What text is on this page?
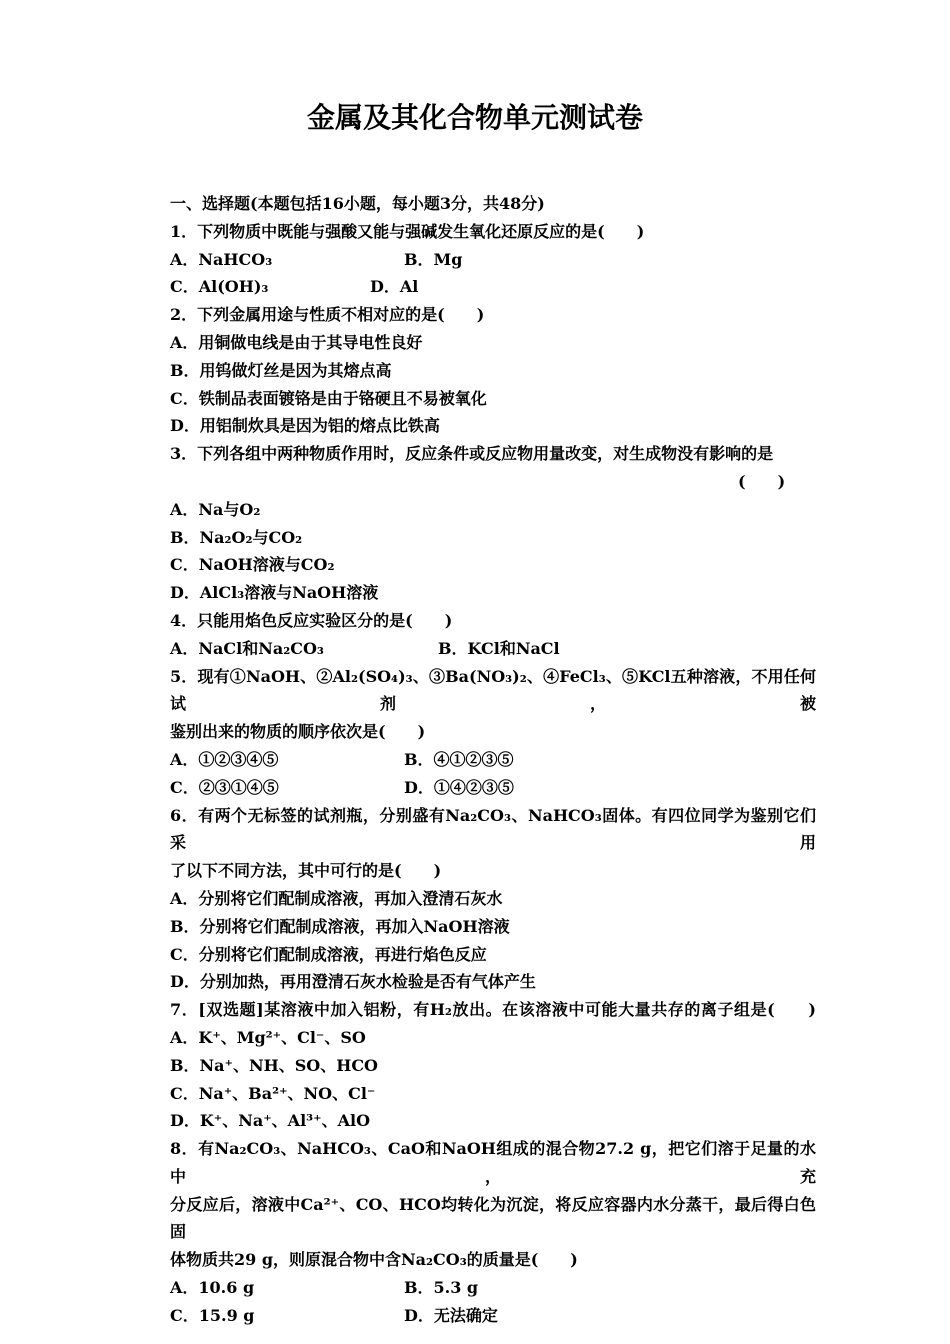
金属及其化合物单元测试卷
一、选择题(本题包括16小题，每小题3分，共48分)
1．下列物质中既能与强酸又能与强碱发生氧化还原反应的是(　　)
A．NaHCO₃	B．Mg
C．Al(OH)₃	D．Al
2．下列金属用途与性质不相对应的是(　　)
A．用铜做电线是由于其导电性良好
B．用钨做灯丝是因为其熔点高
C．铁制品表面镀铬是由于铬硬且不易被氧化
D．用铝制炊具是因为铝的熔点比铁高
3．下列各组中两种物质作用时，反应条件或反应物用量改变，对生成物没有影响的是
(　　)
A．Na与O₂
B．Na₂O₂与CO₂
C．NaOH溶液与CO₂
D．AlCl₃溶液与NaOH溶液
4．只能用焰色反应实验区分的是(　　)
A．NaCl和Na₂CO₃	B．KCl和NaCl
5．现有①NaOH、②Al₂(SO₄)₃、③Ba(NO₃)₂、④FeCl₃、⑤KCl五种溶液，不用任何试剂，被
鉴别出来的物质的顺序依次是(　　)
A．①②③④⑤	B．④①②③⑤
C．②③①④⑤	D．①④②③⑤
6．有两个无标签的试剂瓶，分别盛有Na₂CO₃、NaHCO₃固体。有四位同学为鉴别它们采用
了以下不同方法，其中可行的是(　　)
A．分别将它们配制成溶液，再加入澄清石灰水
B．分别将它们配制成溶液，再加入NaOH溶液
C．分别将它们配制成溶液，再进行焰色反应
D．分别加热，再用澄清石灰水检验是否有气体产生
7．[双选题]某溶液中加入铝粉，有H₂放出。在该溶液中可能大量共存的离子组是(　　)
A．K⁺、Mg²⁺、Cl⁻、SO
B．Na⁺、NH、SO、HCO
C．Na⁺、Ba²⁺、NO、Cl⁻
D．K⁺、Na⁺、Al³⁺、AlO
8．有Na₂CO₃、NaHCO₃、CaO和NaOH组成的混合物27.2 g，把它们溶于足量的水中，充
分反应后，溶液中Ca²⁺、CO、HCO均转化为沉淀，将反应容器内水分蒸干，最后得白色固
体物质共29 g，则原混合物中含Na₂CO₃的质量是(　　)
A．10.6 g	B．5.3 g
C．15.9 g	D．无法确定
